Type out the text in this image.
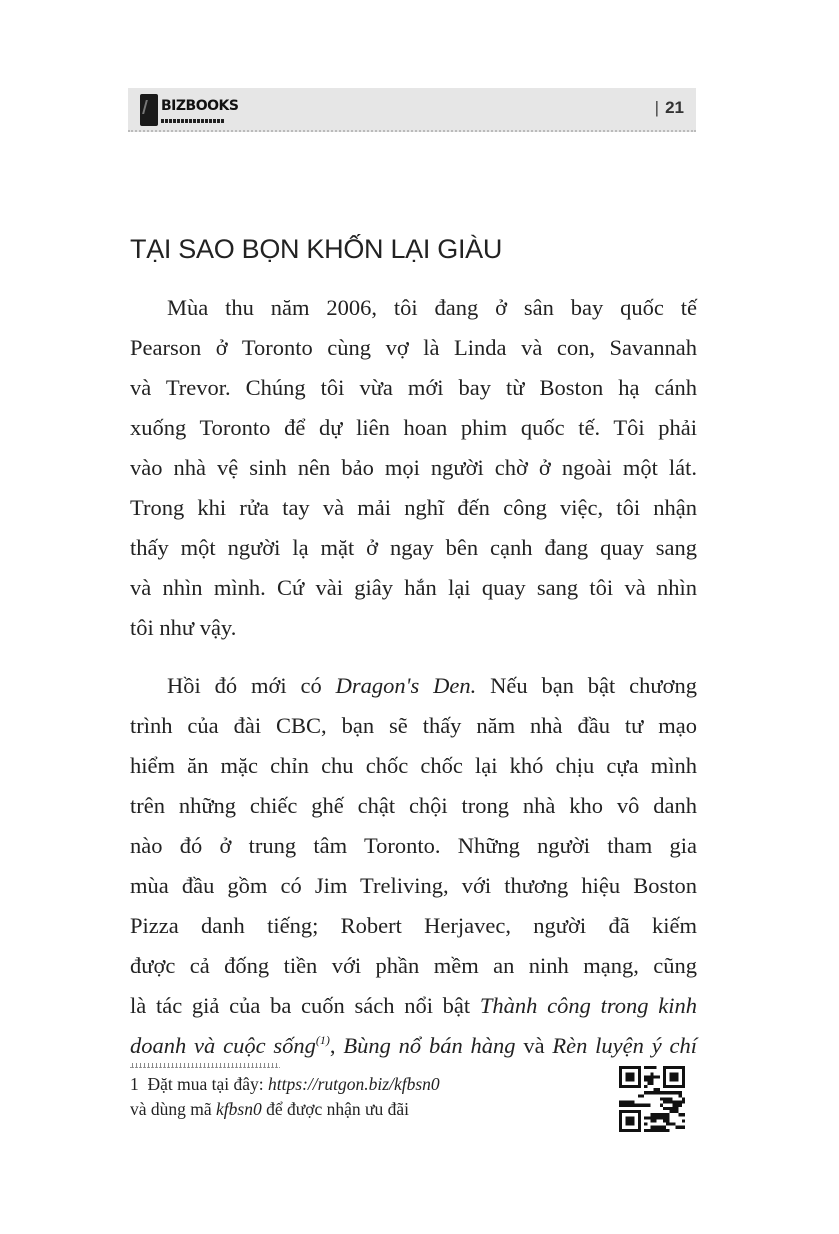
BIZBOOKS	| 21
TẠI SAO BỌN KHỐN LẠI GIÀU
Mùa thu năm 2006, tôi đang ở sân bay quốc tế
Pearson ở Toronto cùng vợ là Linda và con, Savannah
và Trevor. Chúng tôi vừa mới bay từ Boston hạ cánh
xuống Toronto để dự liên hoan phim quốc tế. Tôi phải
vào nhà vệ sinh nên bảo mọi người chờ ở ngoài một lát.
Trong khi rửa tay và mải nghĩ đến công việc, tôi nhận
thấy một người lạ mặt ở ngay bên cạnh đang quay sang
và nhìn mình. Cứ vài giây hắn lại quay sang tôi và nhìn
tôi như vậy.
Hồi đó mới có Dragon's Den. Nếu bạn bật chương
trình của đài CBC, bạn sẽ thấy năm nhà đầu tư mạo
hiểm ăn mặc chỉn chu chốc chốc lại khó chịu cựa mình
trên những chiếc ghế chật chội trong nhà kho vô danh
nào đó ở trung tâm Toronto. Những người tham gia
mùa đầu gồm có Jim Treliving, với thương hiệu Boston
Pizza danh tiếng; Robert Herjavec, người đã kiếm
được cả đống tiền với phần mềm an ninh mạng, cũng
là tác giả của ba cuốn sách nổi bật Thành công trong kinh
doanh và cuộc sống$^{(1)}$, Bùng nổ bán hàng và Rèn luyện ý chí
1 Đặt mua tại đây: https://rutgon.biz/kfbsn0
và dùng mã kfbsn0 để được nhận ưu đãi
